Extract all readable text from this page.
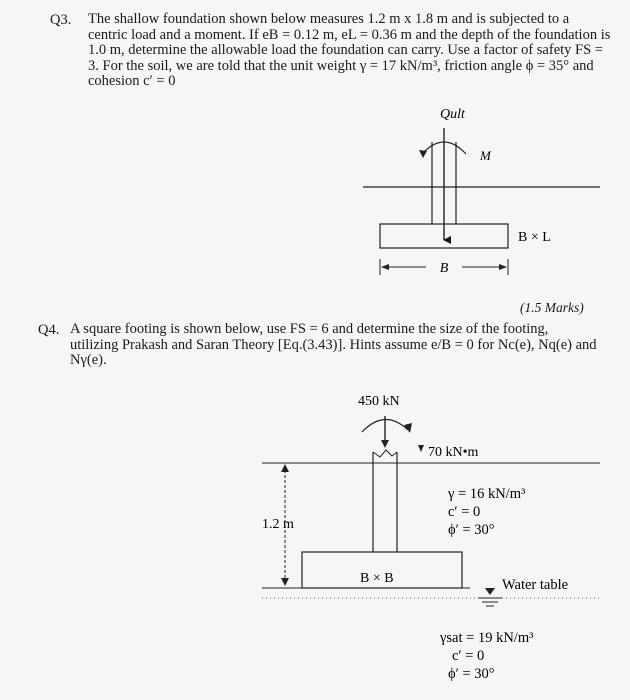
Q3. The shallow foundation shown below measures 1.2 m x 1.8 m and is subjected to a
centric load and a moment. If eB = 0.12 m, eL = 0.36 m and the depth of the foundation is
1.0 m, determine the allowable load the foundation can carry. Use a factor of safety FS =
3. For the soil, we are told that the unit weight γ = 17 kN/m³, friction angle ϕ = 35° and
cohesion c′ = 0
B
Qult
M
B × L
(1.5 Marks)
Q4. A square footing is shown below, use FS = 6 and determine the size of the footing,
utilizing Prakash and Saran Theory [Eq.(3.43)]. Hints assume e/B = 0 for Nc(e), Nq(e) and
Nγ(e).
450 kN
70 kN•m
1.2 m
B × B	Water table
γ = 16 kN/m³
c′ = 0
ϕ′ = 30°
γsat = 19 kN/m³
c′ = 0
ϕ′ = 30°
